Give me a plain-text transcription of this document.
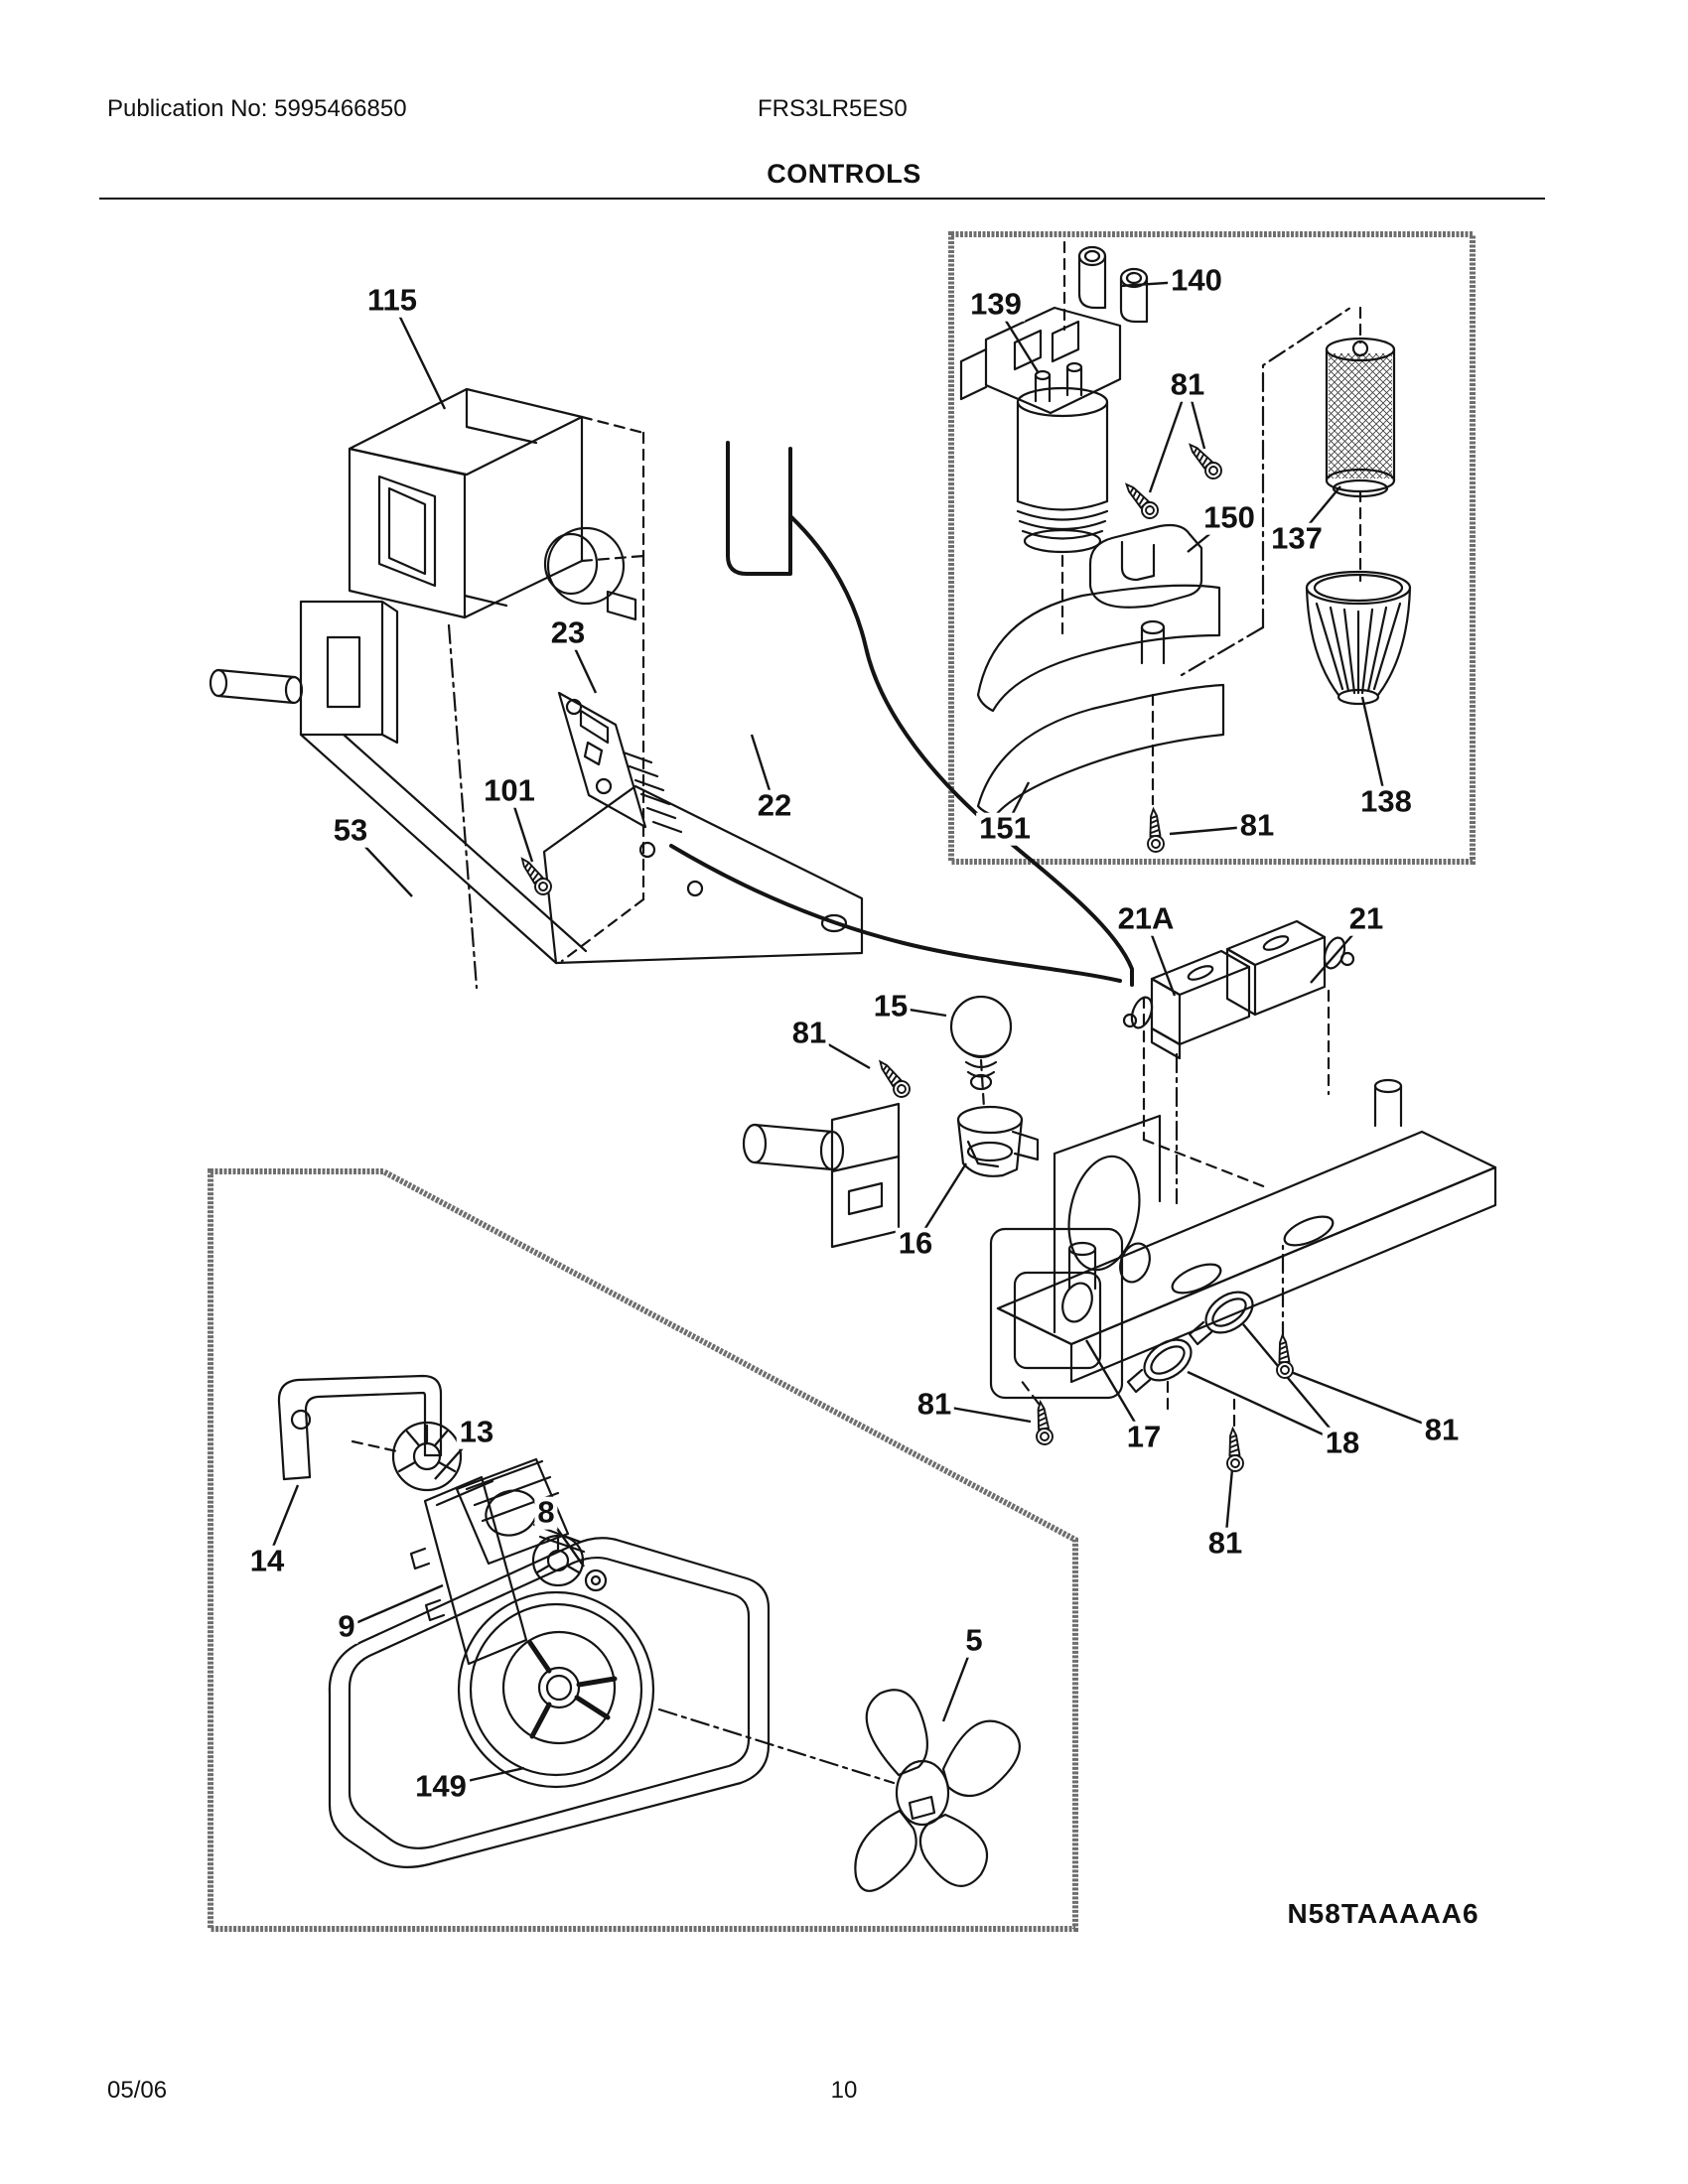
Publication No: 5995466850	FRS3LR5ES0
CONTROLS
115
23
101
53
22
139
140
81
150
137
151	81
138
21A	21
15
81
16
81
17	18 81
81
13
14
8
9
149
5
N58TAAAAA6
05/06	10
